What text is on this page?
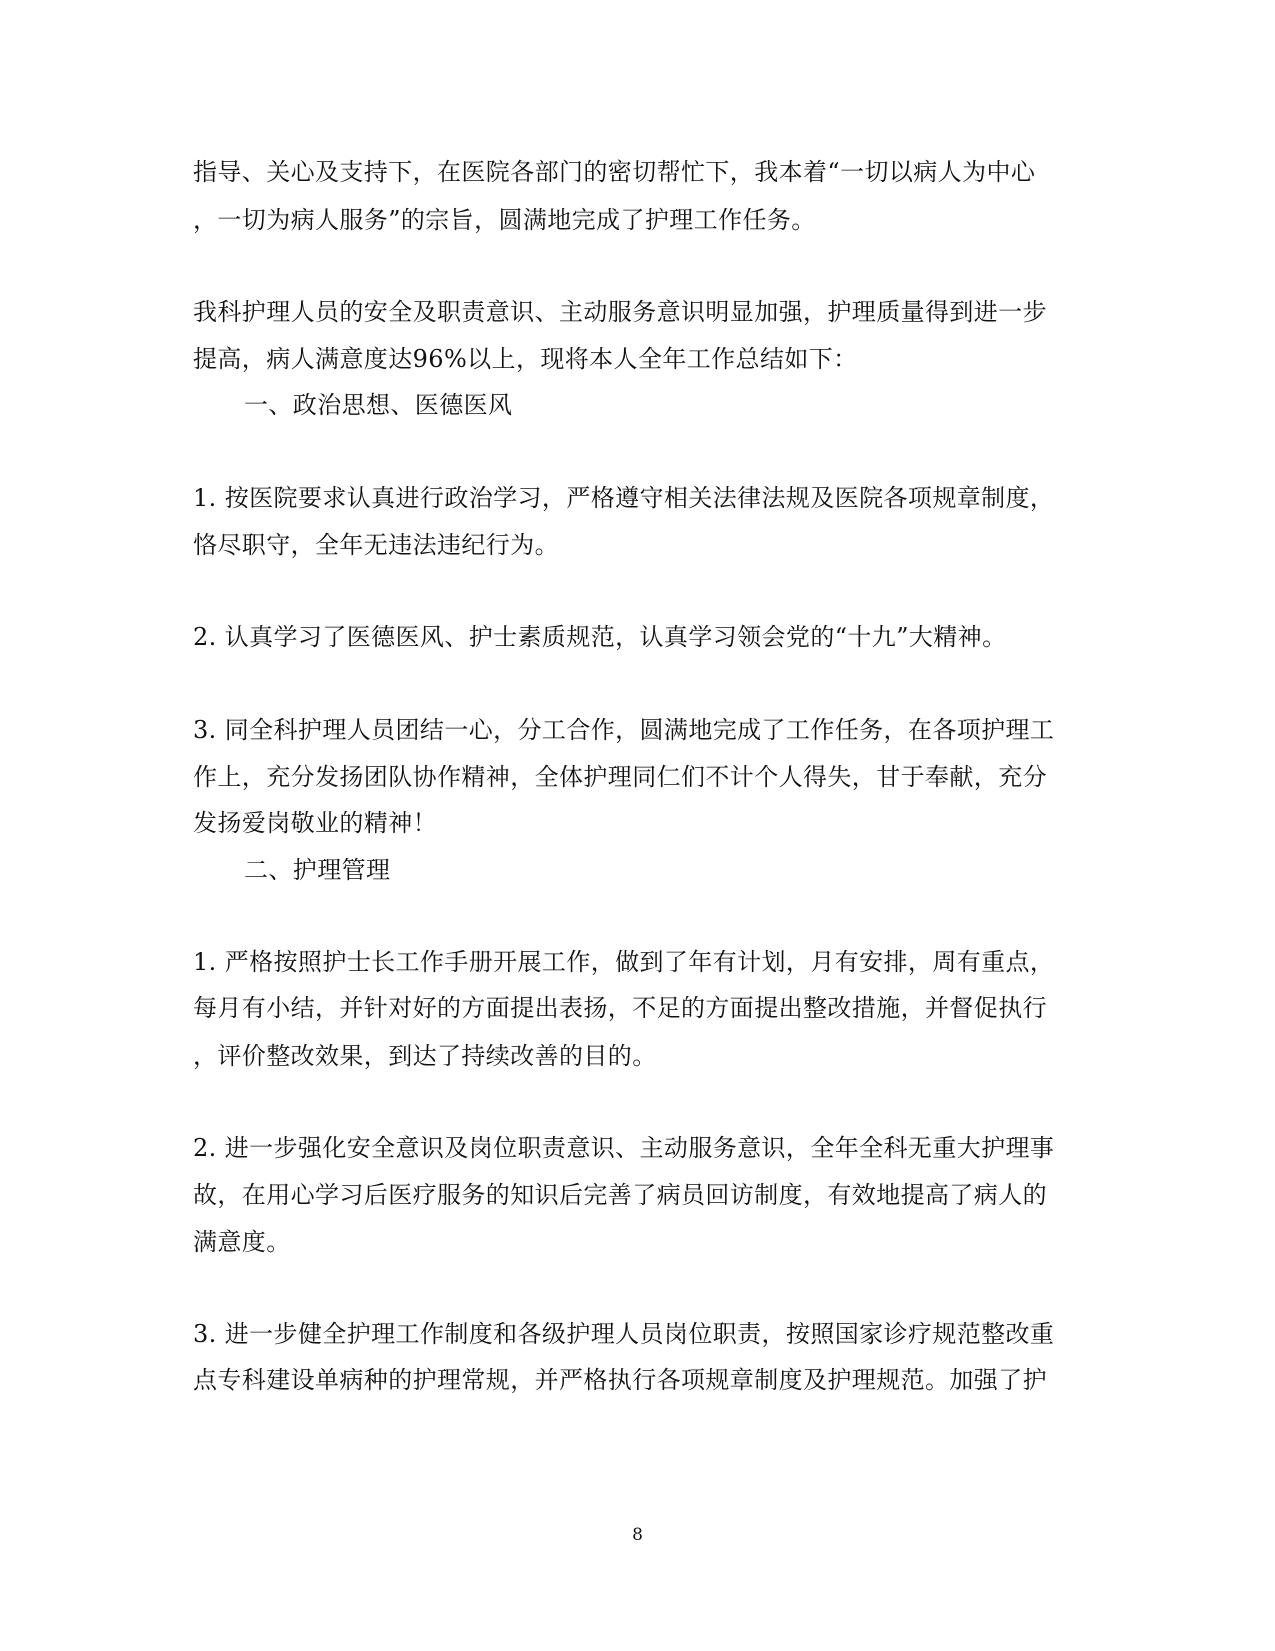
指导、关心及支持下，在医院各部门的密切帮忙下，我本着“一切以病人为中心
，一切为病人服务”的宗旨，圆满地完成了护理工作任务。
我科护理人员的安全及职责意识、主动服务意识明显加强，护理质量得到进一步
提高，病人满意度达96%以上，现将本人全年工作总结如下：
一、政治思想、医德医风
1. 按医院要求认真进行政治学习，严格遵守相关法律法规及医院各项规章制度，
恪尽职守，全年无违法违纪行为。
2. 认真学习了医德医风、护士素质规范，认真学习领会党的“十九”大精神。
3. 同全科护理人员团结一心，分工合作，圆满地完成了工作任务，在各项护理工
作上，充分发扬团队协作精神，全体护理同仁们不计个人得失，甘于奉献，充分
发扬爱岗敬业的精神！
二、护理管理
1. 严格按照护士长工作手册开展工作，做到了年有计划，月有安排，周有重点，
每月有小结，并针对好的方面提出表扬，不足的方面提出整改措施，并督促执行
，评价整改效果，到达了持续改善的目的。
2. 进一步强化安全意识及岗位职责意识、主动服务意识，全年全科无重大护理事
故，在用心学习后医疗服务的知识后完善了病员回访制度，有效地提高了病人的
满意度。
3. 进一步健全护理工作制度和各级护理人员岗位职责，按照国家诊疗规范整改重
点专科建设单病种的护理常规，并严格执行各项规章制度及护理规范。加强了护
8
